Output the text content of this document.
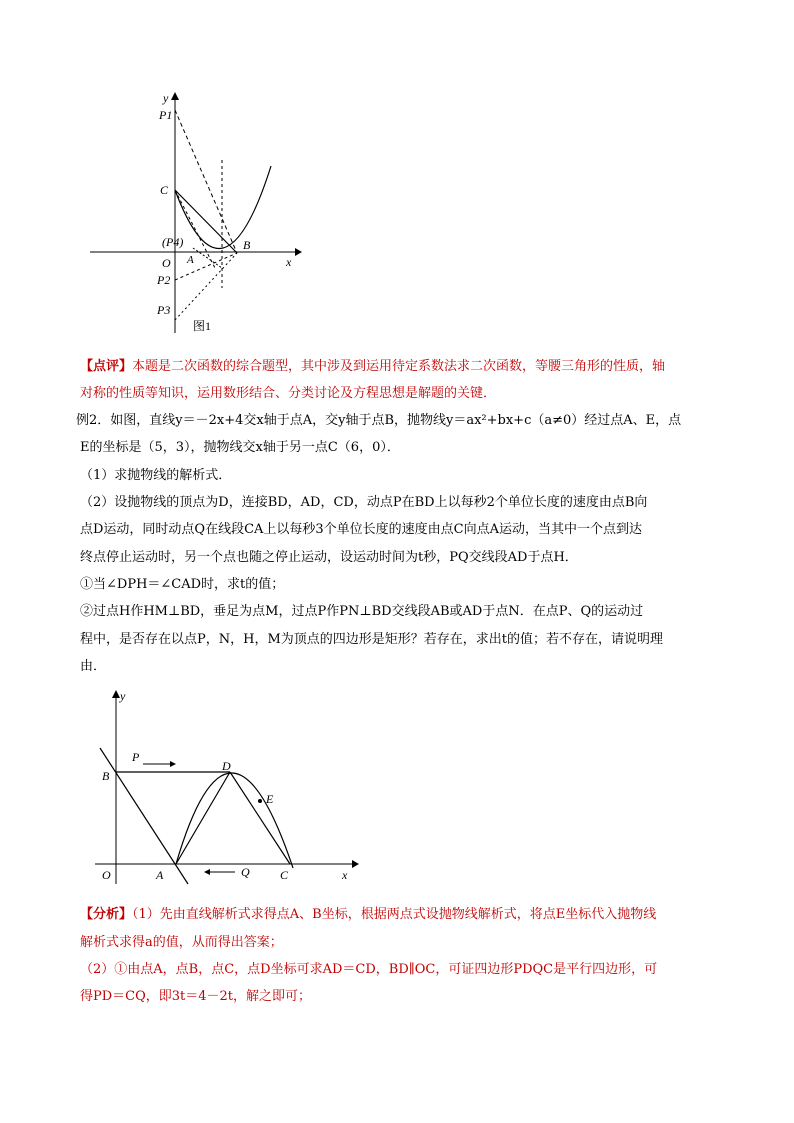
y
P1
C
(P4)	B
O A	x
P2
P3
图1
【点评】本题是二次函数的综合题型，其中涉及到运用待定系数法求二次函数，等腰三角形的性质，轴
对称的性质等知识，运用数形结合、分类讨论及方程思想是解题的关键．
例2．如图，直线y＝－2x+4交x轴于点A，交y轴于点B，抛物线y＝ax²+bx+c（a≠0）经过点A、E，点
E的坐标是（5，3），抛物线交x轴于另一点C（6，0）．
（1）求抛物线的解析式．
（2）设抛物线的顶点为D，连接BD，AD，CD，动点P在BD上以每秒2个单位长度的速度由点B向
点D运动，同时动点Q在线段CA上以每秒3个单位长度的速度由点C向点A运动，当其中一个点到达
终点停止运动时，另一个点也随之停止运动，设运动时间为t秒，PQ交线段AD于点H．
①当∠DPH＝∠CAD时，求t的值；
②过点H作HM⊥BD，垂足为点M，过点P作PN⊥BD交线段AB或AD于点N．在点P、Q的运动过
程中，是否存在以点P，N，H，M为顶点的四边形是矩形？若存在，求出t的值；若不存在，请说明理
由．
y
P
D
B
E
O	A	Q	C	x
【分析】（1）先由直线解析式求得点A、B坐标，根据两点式设抛物线解析式，将点E坐标代入抛物线
解析式求得a的值，从而得出答案；
（2）①由点A，点B，点C，点D坐标可求AD＝CD，BD∥OC，可证四边形PDQC是平行四边形，可
得PD＝CQ，即3t＝4－2t，解之即可；
